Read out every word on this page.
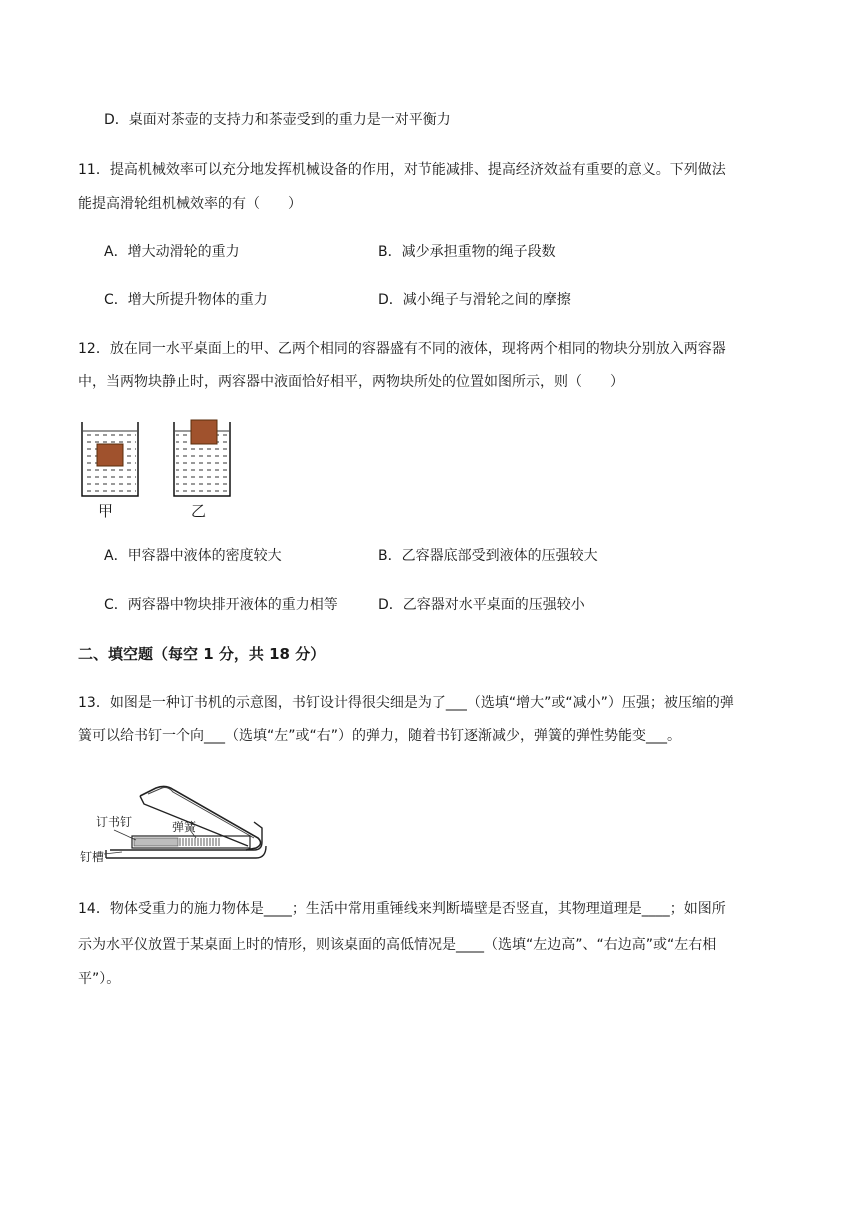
D．桌面对茶壶的支持力和茶壶受到的重力是一对平衡力
11．提高机械效率可以充分地发挥机械设备的作用，对节能减排、提高经济效益有重要的意义。下列做法
能提高滑轮组机械效率的有（　　）
A．增大动滑轮的重力	B．减少承担重物的绳子段数
C．增大所提升物体的重力	D．减小绳子与滑轮之间的摩擦
12．放在同一水平桌面上的甲、乙两个相同的容器盛有不同的液体，现将两个相同的物块分别放入两容器
中，当两物块静止时，两容器中液面恰好相平，两物块所处的位置如图所示，则（　　）
甲	乙
A．甲容器中液体的密度较大	B．乙容器底部受到液体的压强较大
C．两容器中物块排开液体的重力相等	D．乙容器对水平桌面的压强较小
二、填空题（每空 1 分，共 18 分）
13．如图是一种订书机的示意图，书钉设计得很尖细是为了___（选填“增大”或“减小”）压强；被压缩的弹
簧可以给书钉一个向___（选填“左”或“右”）的弹力，随着书钉逐渐减少，弹簧的弹性势能变___。
订书钉	弹簧
钉槽
14．物体受重力的施力物体是____；生活中常用重锤线来判断墙壁是否竖直，其物理道理是____；如图所
示为水平仪放置于某桌面上时的情形，则该桌面的高低情况是____（选填“左边高”、“右边高”或“左右相
平”）。
